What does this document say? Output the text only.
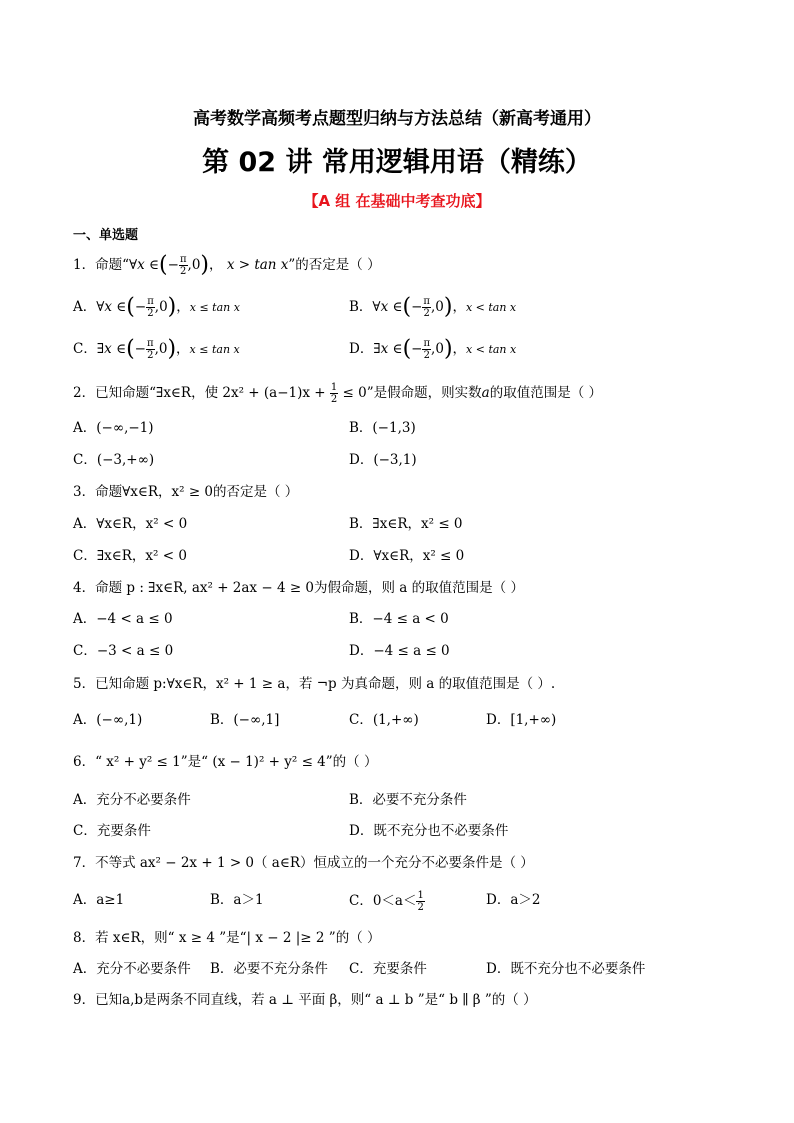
高考数学高频考点题型归纳与方法总结（新高考通用）
第 02 讲 常用逻辑用语（精练）
【A 组 在基础中考查功底】
一、单选题
1．命题“∀x ∈(− $\frac{\pi}{2} ,0$)， x > tan x”的否定是（ ）
A．∀x ∈(− $\frac{\pi}{2} ,0$)，x ≤ tan x	B．∀x ∈(− $\frac{\pi}{2} ,0$)，x < tan x
C．∃x ∈(− $\frac{\pi}{2} ,0$)，x ≤ tan x	D．∃x ∈(− $\frac{\pi}{2} ,0$)，x < tan x
2．已知命题“∃x∈R，使 $2x^2 + (a-1)x + \frac{1}{2} \le 0$”是假命题，则实数a的取值范围是（ ）
A．(−∞,−1)	B．(−1,3)
C．(−3,+∞)	D．(−3,1)
3．命题∀x∈R，x² ≥ 0的否定是（ ）
A．∀x∈R，x² < 0	B．∃x∈R，x² ≤ 0
C．∃x∈R，x² < 0	D．∀x∈R，x² ≤ 0
4．命题 p : ∃x∈R, ax² + 2ax − 4 ≥ 0为假命题，则 a 的取值范围是（ ）
A．−4 < a ≤ 0	B．−4 ≤ a < 0
C．−3 < a ≤ 0	D．−4 ≤ a ≤ 0
5．已知命题 p:∀x∈R，x² + 1 ≥ a，若 ¬p 为真命题，则 a 的取值范围是（ ）.
A．(−∞,1)	B．(−∞,1]	C．(1,+∞)	D．[1,+∞)
6．“ x² + y² ≤ 1”是“ (x − 1)² + y² ≤ 4”的（ ）
A．充分不必要条件	B．必要不充分条件
C．充要条件	D．既不充分也不必要条件
7．不等式 ax² − 2x + 1 > 0（ a∈R）恒成立的一个充分不必要条件是（ ）
A．a≥1	B．a＞1	C．$0<a< \frac{1}{2}$	D．a＞2
8．若 x∈R，则“ x ≥ 4 ”是“| x − 2 |≥ 2 ”的（ ）
A．充分不必要条件 B．必要不充分条件 C．充要条件	D．既不充分也不必要条件
9．已知a,b是两条不同直线，若 a ⊥ 平面 β，则“ a ⊥ b ”是“ b ∥ β ”的（ ）
